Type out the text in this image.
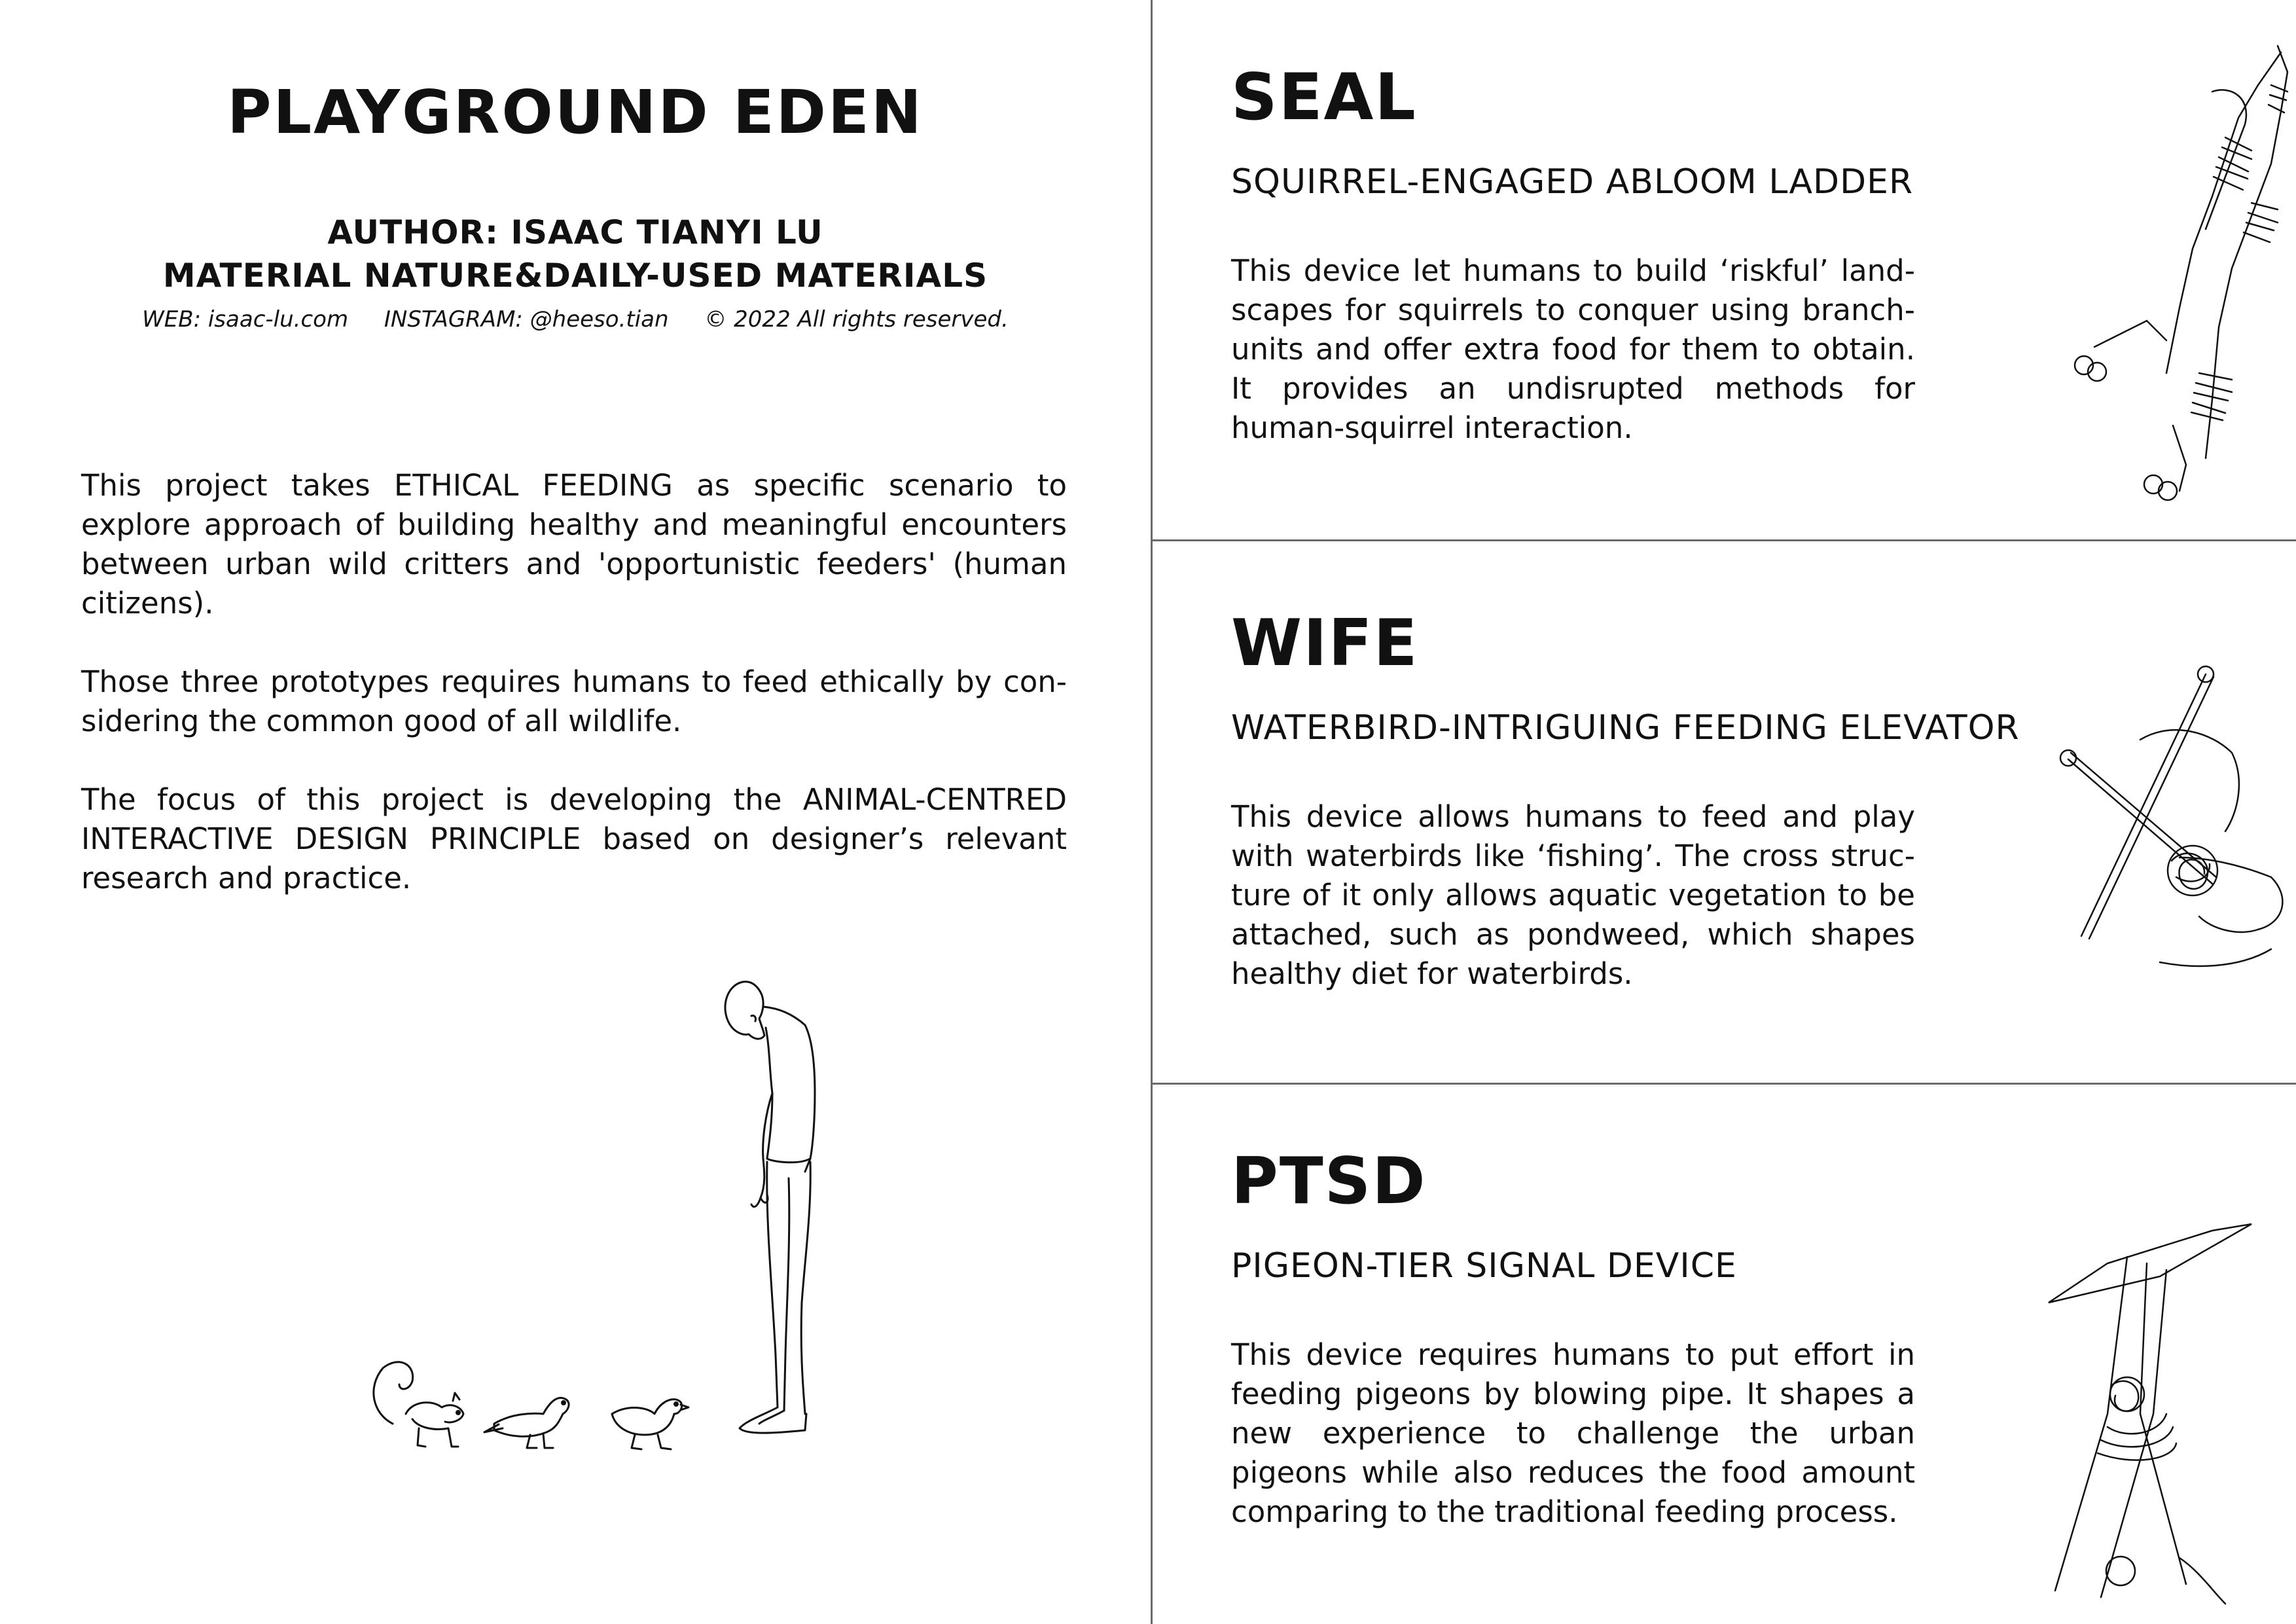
PLAYGROUND EDEN
AUTHOR: ISAAC TIANYI LU
MATERIAL NATURE&DAILY-USED MATERIALS
WEB: isaac-lu.com INSTAGRAM: @heeso.tian © 2022 All rights reserved.

This project takes ETHICAL FEEDING as specific scenario to explore approach of building healthy and meaningful encounters between urban wild critters and 'opportunistic feeders' (human citizens).

Those three prototypes requires humans to feed ethically by considering the common good of all wildlife.

The focus of this project is developing the ANIMAL-CENTRED INTERACTIVE DESIGN PRINCIPLE based on designer’s relevant research and practice.

SEAL
SQUIRREL-ENGAGED ABLOOM LADDER
This device let humans to build ‘riskful’ landscapes for squirrels to conquer using branch-units and offer extra food for them to obtain. It provides an undisrupted methods for human-squirrel interaction.
WIFE
WATERBIRD-INTRIGUING FEEDING ELEVATOR
This device allows humans to feed and play with waterbirds like ‘fishing’. The cross structure of it only allows aquatic vegetation to be attached, such as pondweed, which shapes healthy diet for waterbirds.
PTSD
PIGEON-TIER SIGNAL DEVICE
This device requires humans to put effort in feeding pigeons by blowing pipe. It shapes a new experience to challenge the urban pigeons while also reduces the food amount comparing to the traditional feeding process.
